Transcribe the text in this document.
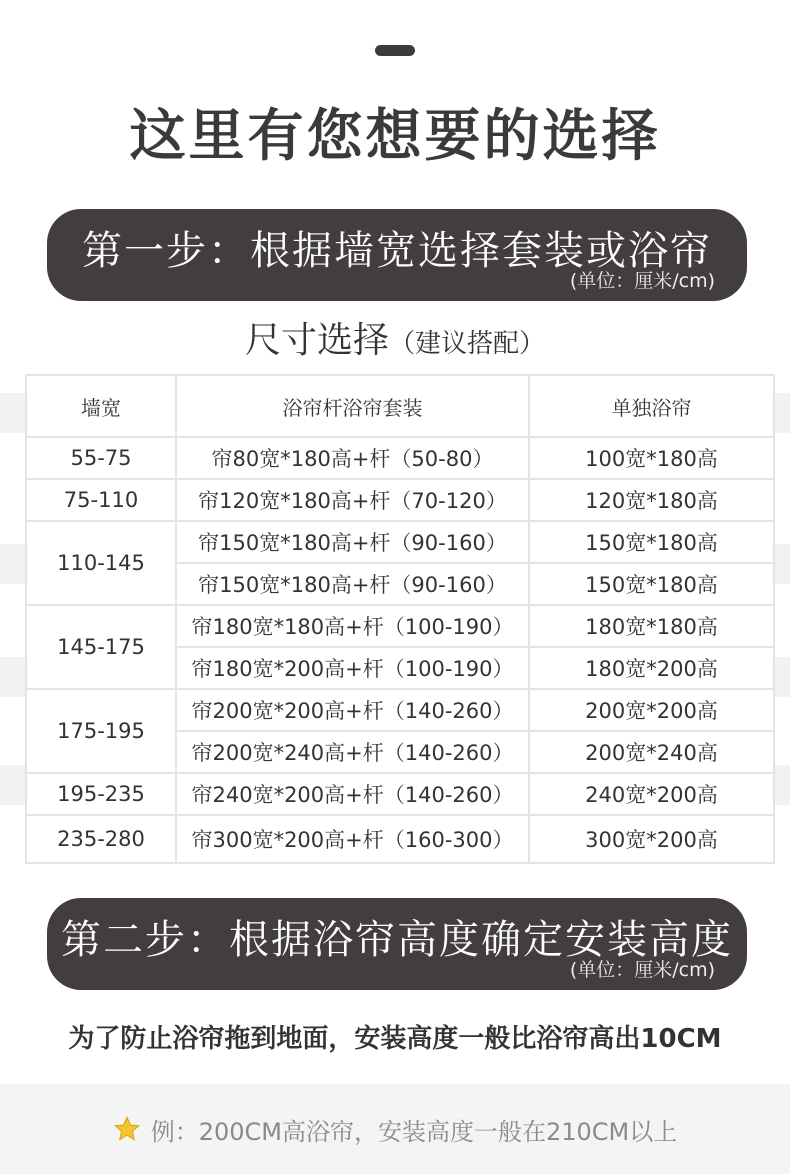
这里有您想要的选择
第一步：根据墙宽选择套装或浴帘
(单位：厘米/cm)
尺寸选择（建议搭配）
墙宽	浴帘杆浴帘套装	单独浴帘
55-75	帘80宽*180高+杆（50-80）	100宽*180高
75-110	帘120宽*180高+杆（70-120）	120宽*180高
110-145	帘150宽*180高+杆（90-160）	150宽*180高
	帘150宽*180高+杆（90-160）	150宽*180高
145-175	帘180宽*180高+杆（100-190）	180宽*180高
	帘180宽*200高+杆（100-190）	180宽*200高
175-195	帘200宽*200高+杆（140-260）	200宽*200高
	帘200宽*240高+杆（140-260）	200宽*240高
195-235	帘240宽*200高+杆（140-260）	240宽*200高
235-280	帘300宽*200高+杆（160-300）	300宽*200高
第二步：根据浴帘高度确定安装高度
(单位：厘米/cm)
为了防止浴帘拖到地面，安装高度一般比浴帘高出10CM
例：200CM高浴帘，安装高度一般在210CM以上
